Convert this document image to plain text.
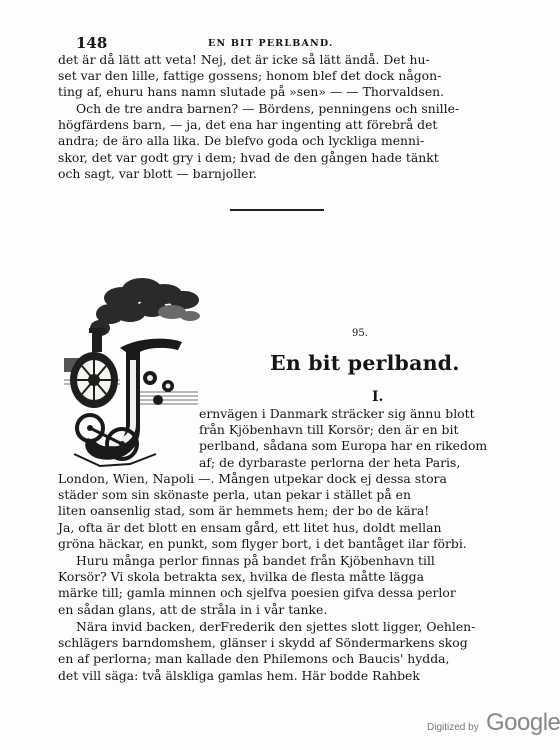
148	EN BIT PERLBAND.

det är då lätt att veta! Nej, det är icke så lätt ändå. Det hu-
set var den lille, fattige gossens; honom blef det dock någon-
ting af, ehuru hans namn slutade på »sen» — — Thorvaldsen.

Och de tre andra barnen? — Bördens, penningens och snille-
högfärdens barn, — ja, det ena har ingenting att förebrå det
andra; de äro alla lika. De blefvo goda och lyckliga menni-
skor, det var godt gry i dem; hvad de den gången hade tänkt
och sagt, var blott — barnjoller.

95.
En bit perlband.
I.

ernvägen i Danmark sträcker sig ännu blott
från Kjöbenhavn till Korsör; den är en bit
perlband, sådana som Europa har en rikedom
af; de dyrbaraste perlorna der heta Paris,

London, Wien, Napoli —. Mången utpekar dock ej dessa stora
städer som sin skönaste perla, utan pekar i stället på en
liten oansenlig stad, som är hemmets hem; der bo de kära!
Ja, ofta är det blott en ensam gård, ett litet hus, doldt mellan
gröna häckar, en punkt, som flyger bort, i det bantåget ilar förbi.

Huru många perlor finnas på bandet från Kjöbenhavn till
Korsör? Vi skola betrakta sex, hvilka de flesta måtte lägga
märke till; gamla minnen och sjelfva poesien gifva dessa perlor
en sådan glans, att de stråla in i vår tanke.

Nära invid backen, derFrederik den sjettes slott ligger, Oehlen-
schlägers barndomshem, glänser i skydd af Söndermarkens skog
en af perlorna; man kallade den Philemons och Baucis' hydda,
det vill säga: två älskliga gamlas hem. Här bodde Rahbek

Digitized by Google
